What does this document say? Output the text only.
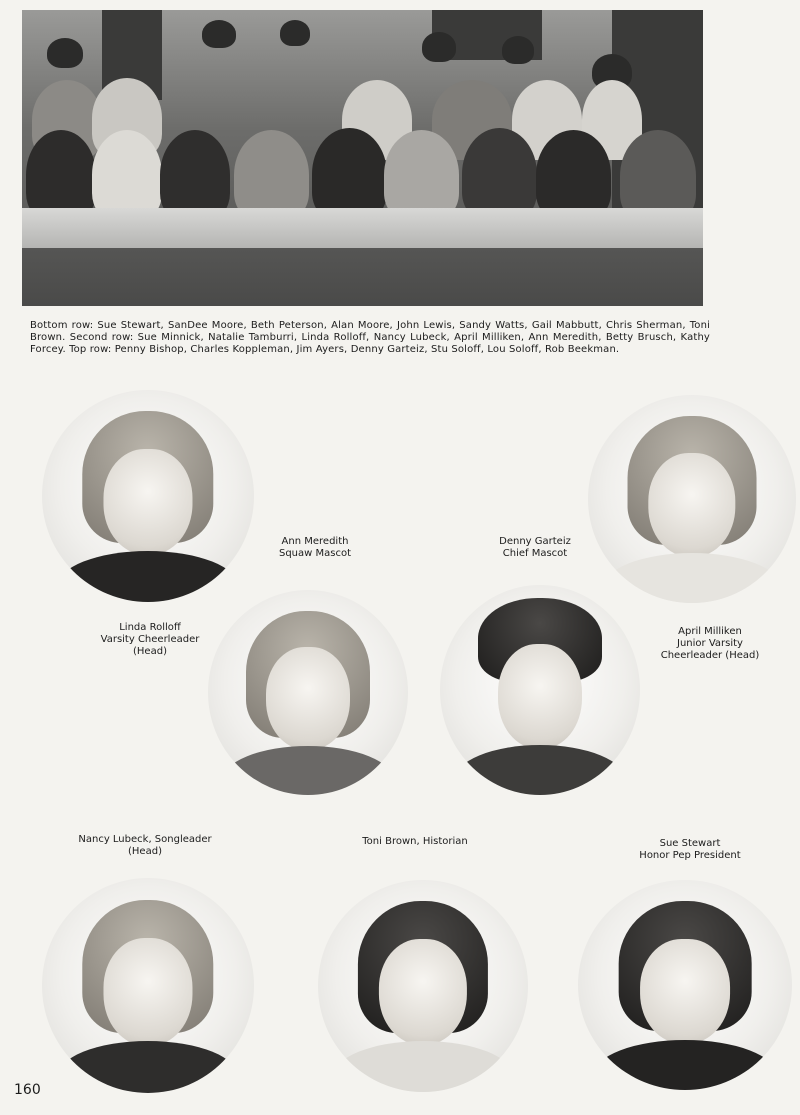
Bottom row: Sue Stewart, SanDee Moore, Beth Peterson, Alan Moore, John Lewis, Sandy Watts, Gail Mabbutt, Chris Sherman, Toni Brown. Second row: Sue Minnick, Natalie Tamburri, Linda Rolloff, Nancy Lubeck, April Milliken, Ann Meredith, Betty Brusch, Kathy Forcey. Top row: Penny Bishop, Charles Koppleman, Jim Ayers, Denny Garteiz, Stu Soloff, Lou Soloff, Rob Beekman.

Linda Rolloff
Varsity Cheerleader
(Head)
Ann Meredith
Squaw Mascot
Denny Garteiz
Chief Mascot
April Milliken
Junior Varsity
Cheerleader (Head)
Nancy Lubeck, Songleader
(Head)
Toni Brown, Historian	Sue Stewart
Honor Pep President
160
